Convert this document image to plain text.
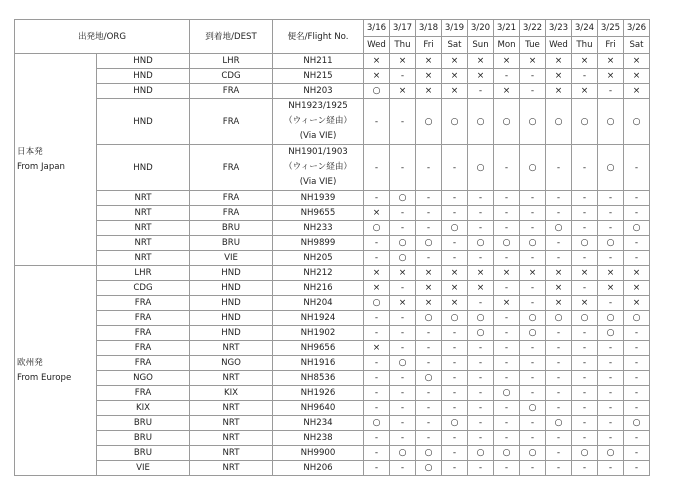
出発地/ORG		到着地/DEST	便名/Flight No.	3/16	3/17	3/18	3/19	3/20	3/21	3/22	3/23	3/24	3/25	3/26
				Wed	Thu	Fri	Sat	Sun	Mon	Tue	Wed	Thu	Fri	Sat

日本発
From Japan	HND	LHR	NH211	×	×	×	×	×	×	×	×	×	×	×
	HND	CDG	NH215	×	-	×	×	×	-	-	×	-	×	×
	HND	FRA	NH203	○	×	×	×	-	×	-	×	×	-	×
	HND	FRA	NH1923/1925
（ウィーン経由）
(Via VIE)	-	-	○	○	○	○	○	○	○	○	○
	HND	FRA	NH1901/1903
（ウィーン経由）
(Via VIE)	-	-	-	-	○	-	○	-	-	○	-
	NRT	FRA	NH1939	-	○	-	-	-	-	-	-	-	-	-
	NRT	FRA	NH9655	×	-	-	-	-	-	-	-	-	-	-
	NRT	BRU	NH233	○	-	-	○	-	-	-	○	-	-	○
	NRT	BRU	NH9899	-	○	○	-	○	○	○	-	○	○	-
	NRT	VIE	NH205	-	○	-	-	-	-	-	-	-	-	-

欧州発
From Europe	LHR	HND	NH212	×	×	×	×	×	×	×	×	×	×	×
	CDG	HND	NH216	×	-	×	×	×	-	-	×	-	×	×
	FRA	HND	NH204	○	×	×	×	-	×	-	×	×	-	×
	FRA	HND	NH1924	-	-	○	○	○	-	○	○	○	○	○
	FRA	HND	NH1902	-	-	-	-	○	-	○	-	-	○	-
	FRA	NRT	NH9656	×	-	-	-	-	-	-	-	-	-	-
	FRA	NGO	NH1916	-	○	-	-	-	-	-	-	-	-	-
	NGO	NRT	NH8536	-	-	○	-	-	-	-	-	-	-	-
	FRA	KIX	NH1926	-	-	-	-	-	○	-	-	-	-	-
	KIX	NRT	NH9640	-	-	-	-	-	-	○	-	-	-	-
	BRU	NRT	NH234	○	-	-	○	-	-	-	○	-	-	○
	BRU	NRT	NH238	-	-	-	-	-	-	-	-	-	-	-
	BRU	NRT	NH9900	-	○	○	-	○	○	○	-	○	○	-
	VIE	NRT	NH206	-	-	○	-	-	-	-	-	-	-	-
